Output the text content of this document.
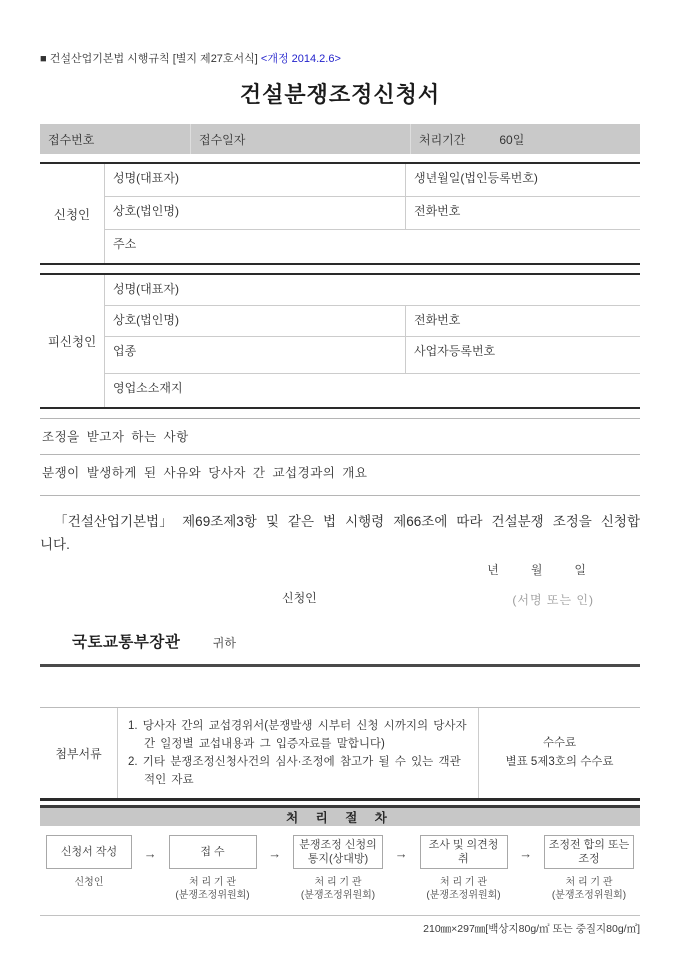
■ 건설산업기본법 시행규칙 [별지 제27호서식] <개정 2014.2.6>
건설분쟁조정신청서
접수번호	접수일자	처리기간	60일
신청인
성명(대표자)	생년월일(법인등록번호)
상호(법인명)	전화번호
주소
피신청인
성명(대표자)
상호(법인명)	전화번호
업종	사업자등록번호
영업소소재지
조정을 받고자 하는 사항
분쟁이 발생하게 된 사유와 당사자 간 교섭경과의 개요
「건설산업기본법」 제69조제3항 및 같은 법 시행령 제66조에 따라 건설분쟁 조정을 신청합니다.
년	월	일
신청인	(서명 또는 인)
국토교통부장관	귀하
첨부서류
1. 당사자 간의 교섭경위서(분쟁발생 시부터 신청 시까지의 당사자 간 일정별 교섭내용과 그 입증자료를 말합니다)
2. 기타 분쟁조정신청사건의 심사·조정에 참고가 될 수 있는 객관적인 자료
수수료
별표 5제3호의 수수료
처 리 절 차
신청서 작성
신청인
→	접 수
처 리 기 관
(분쟁조정위원회)
→
분쟁조정 신청의 통지(상대방)
처 리 기 관
(분쟁조정위원회)
→
조사 및 의견청취
처 리 기 관
(분쟁조정위원회)
→
조정전 합의 또는 조정
처 리 기 관
(분쟁조정위원회)
210㎜×297㎜[백상지80g/㎡ 또는 중질지80g/㎡]
